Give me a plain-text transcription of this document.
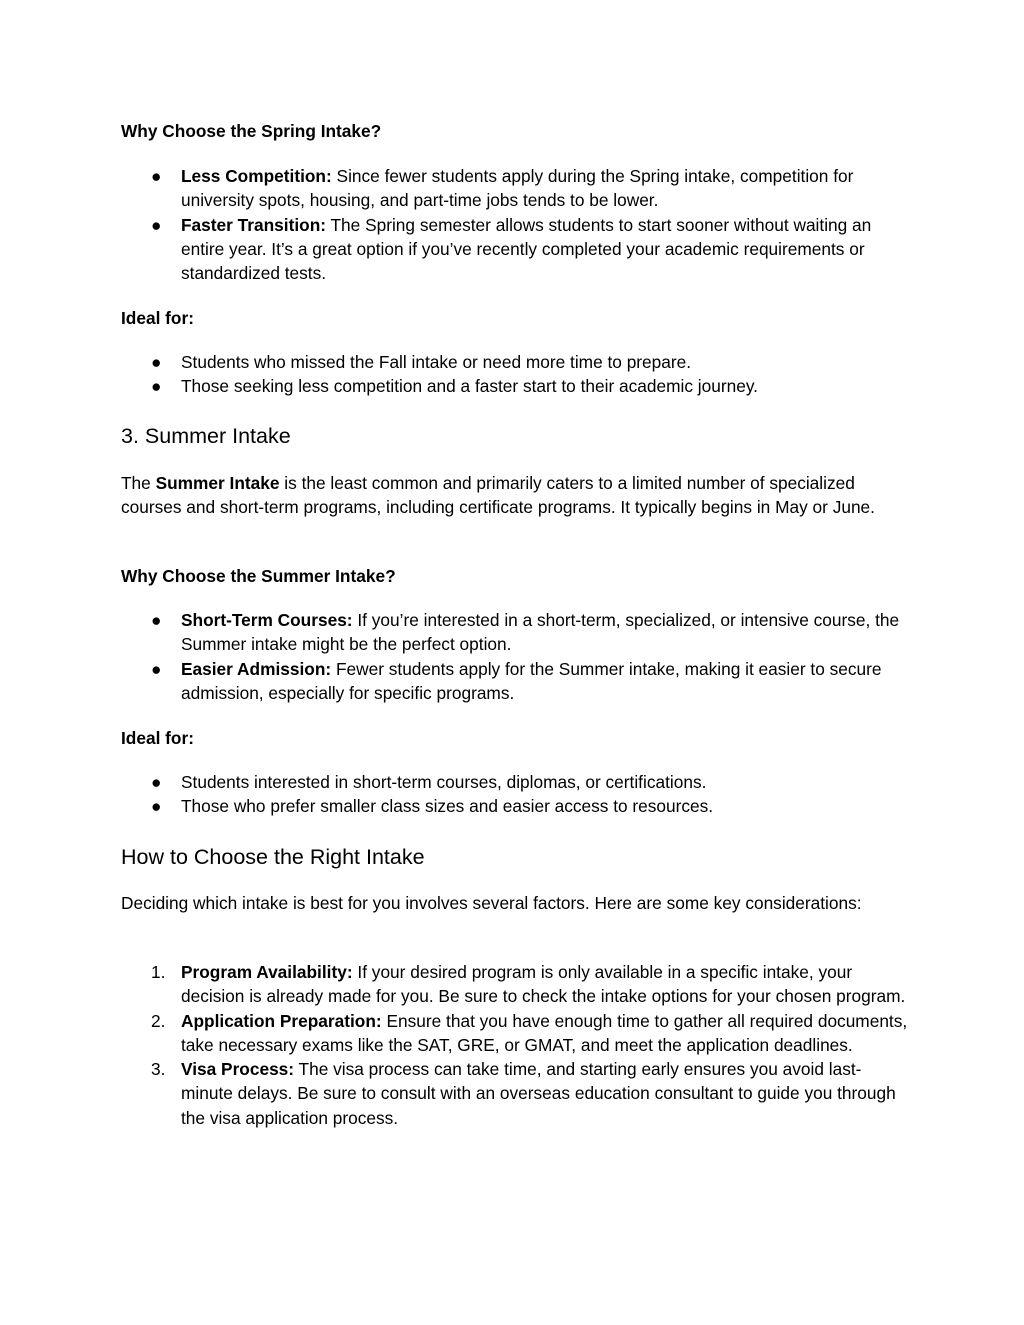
Why Choose the Spring Intake?

● Less Competition: Since fewer students apply during the Spring intake, competition for university spots, housing, and part-time jobs tends to be lower.
● Faster Transition: The Spring semester allows students to start sooner without waiting an entire year. It’s a great option if you’ve recently completed your academic requirements or standardized tests.

Ideal for:

● Students who missed the Fall intake or need more time to prepare.
● Those seeking less competition and a faster start to their academic journey.
3. Summer Intake

The Summer Intake is the least common and primarily caters to a limited number of specialized courses and short-term programs, including certificate programs. It typically begins in May or June.

Why Choose the Summer Intake?

● Short-Term Courses: If you’re interested in a short-term, specialized, or intensive course, the Summer intake might be the perfect option.
● Easier Admission: Fewer students apply for the Summer intake, making it easier to secure admission, especially for specific programs.

Ideal for:

● Students interested in short-term courses, diplomas, or certifications.
● Those who prefer smaller class sizes and easier access to resources.
How to Choose the Right Intake

Deciding which intake is best for you involves several factors. Here are some key considerations:

1. Program Availability: If your desired program is only available in a specific intake, your decision is already made for you. Be sure to check the intake options for your chosen program.
2. Application Preparation: Ensure that you have enough time to gather all required documents, take necessary exams like the SAT, GRE, or GMAT, and meet the application deadlines.
3. Visa Process: The visa process can take time, and starting early ensures you avoid last-minute delays. Be sure to consult with an overseas education consultant to guide you through the visa application process.
